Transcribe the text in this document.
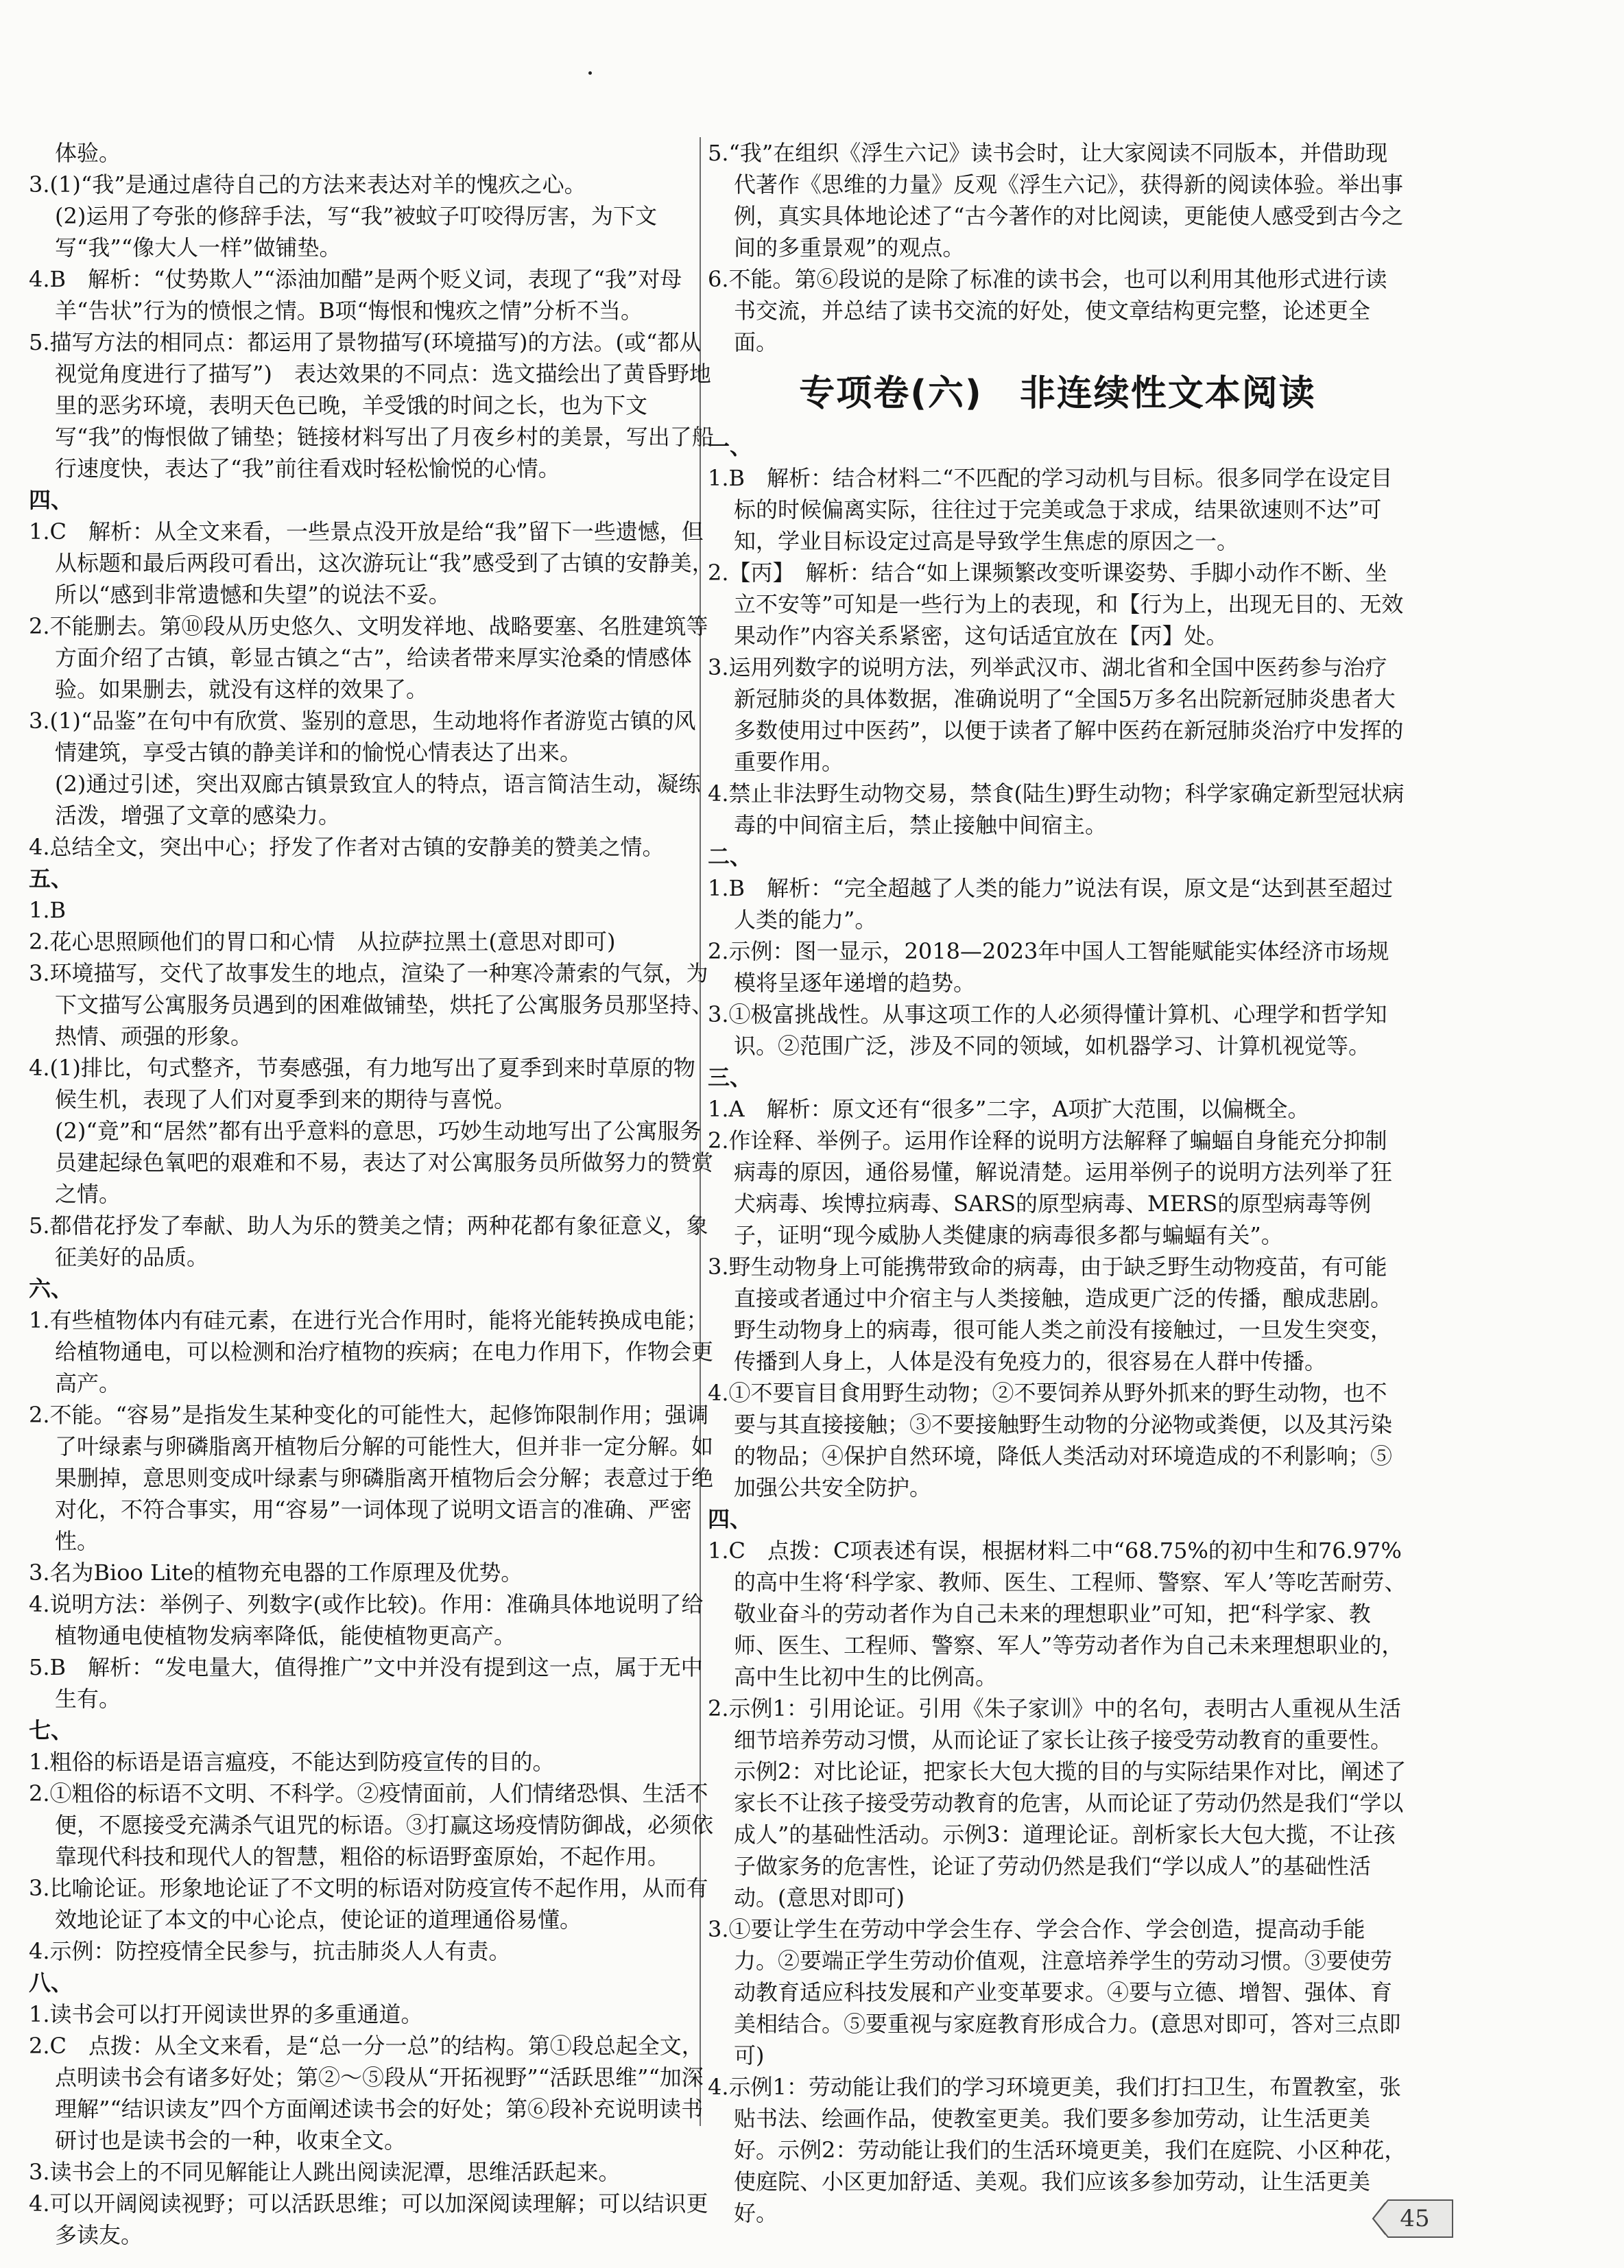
体验。
3.(1)“我”是通过虐待自己的方法来表达对羊的愧疚之心。
(2)运用了夸张的修辞手法，写“我”被蚊子叮咬得厉害，为下文写“我”“像大人一样”做铺垫。
4.B　解析：“仗势欺人”“添油加醋”是两个贬义词，表现了“我”对母羊“告状”行为的愤恨之情。B项“悔恨和愧疚之情”分析不当。
5.描写方法的相同点：都运用了景物描写(环境描写)的方法。(或“都从视觉角度进行了描写”)　表达效果的不同点：选文描绘出了黄昏野地里的恶劣环境，表明天色已晚，羊受饿的时间之长，也为下文写“我”的悔恨做了铺垫；链接材料写出了月夜乡村的美景，写出了船行速度快，表达了“我”前往看戏时轻松愉悦的心情。
四、
1.C　解析：从全文来看，一些景点没开放是给“我”留下一些遗憾，但从标题和最后两段可看出，这次游玩让“我”感受到了古镇的安静美，所以“感到非常遗憾和失望”的说法不妥。
2.不能删去。第⑩段从历史悠久、文明发祥地、战略要塞、名胜建筑等方面介绍了古镇，彰显古镇之“古”，给读者带来厚实沧桑的情感体验。如果删去，就没有这样的效果了。
3.(1)“品鉴”在句中有欣赏、鉴别的意思，生动地将作者游览古镇的风情建筑，享受古镇的静美详和的愉悦心情表达了出来。
(2)通过引述，突出双廊古镇景致宜人的特点，语言简洁生动，凝练活泼，增强了文章的感染力。
4.总结全文，突出中心；抒发了作者对古镇的安静美的赞美之情。
五、
1.B
2.花心思照顾他们的胃口和心情　从拉萨拉黑土(意思对即可)
3.环境描写，交代了故事发生的地点，渲染了一种寒冷萧索的气氛，为下文描写公寓服务员遇到的困难做铺垫，烘托了公寓服务员那坚持、热情、顽强的形象。
4.(1)排比，句式整齐，节奏感强，有力地写出了夏季到来时草原的物候生机，表现了人们对夏季到来的期待与喜悦。
(2)“竟”和“居然”都有出乎意料的意思，巧妙生动地写出了公寓服务员建起绿色氧吧的艰难和不易，表达了对公寓服务员所做努力的赞赏之情。
5.都借花抒发了奉献、助人为乐的赞美之情；两种花都有象征意义，象征美好的品质。
六、
1.有些植物体内有硅元素，在进行光合作用时，能将光能转换成电能；给植物通电，可以检测和治疗植物的疾病；在电力作用下，作物会更高产。
2.不能。“容易”是指发生某种变化的可能性大，起修饰限制作用；强调了叶绿素与卵磷脂离开植物后分解的可能性大，但并非一定分解。如果删掉，意思则变成叶绿素与卵磷脂离开植物后会分解；表意过于绝对化，不符合事实，用“容易”一词体现了说明文语言的准确、严密性。
3.名为Bioo Lite的植物充电器的工作原理及优势。
4.说明方法：举例子、列数字(或作比较)。作用：准确具体地说明了给植物通电使植物发病率降低，能使植物更高产。
5.B　解析：“发电量大，值得推广”文中并没有提到这一点，属于无中生有。
七、
1.粗俗的标语是语言瘟疫，不能达到防疫宣传的目的。
2.①粗俗的标语不文明、不科学。②疫情面前，人们情绪恐惧、生活不便，不愿接受充满杀气诅咒的标语。③打赢这场疫情防御战，必须依靠现代科技和现代人的智慧，粗俗的标语野蛮原始，不起作用。
3.比喻论证。形象地论证了不文明的标语对防疫宣传不起作用，从而有效地论证了本文的中心论点，使论证的道理通俗易懂。
4.示例：防控疫情全民参与，抗击肺炎人人有责。
八、
1.读书会可以打开阅读世界的多重通道。
2.C　点拨：从全文来看，是“总一分一总”的结构。第①段总起全文，点明读书会有诸多好处；第②～⑤段从“开拓视野”“活跃思维”“加深理解”“结识读友”四个方面阐述读书会的好处；第⑥段补充说明读书研讨也是读书会的一种，收束全文。
3.读书会上的不同见解能让人跳出阅读泥潭，思维活跃起来。
4.可以开阔阅读视野；可以活跃思维；可以加深阅读理解；可以结识更多读友。
5.“我”在组织《浮生六记》读书会时，让大家阅读不同版本，并借助现代著作《思维的力量》反观《浮生六记》，获得新的阅读体验。举出事例，真实具体地论述了“古今著作的对比阅读，更能使人感受到古今之间的多重景观”的观点。
6.不能。第⑥段说的是除了标准的读书会，也可以利用其他形式进行读书交流，并总结了读书交流的好处，使文章结构更完整，论述更全面。
专项卷(六)　非连续性文本阅读
一、
1.B　解析：结合材料二“不匹配的学习动机与目标。很多同学在设定目标的时候偏离实际，往往过于完美或急于求成，结果欲速则不达”可知，学业目标设定过高是导致学生焦虑的原因之一。
2.【丙】　解析：结合“如上课频繁改变听课姿势、手脚小动作不断、坐立不安等”可知是一些行为上的表现，和【行为上，出现无目的、无效果动作”内容关系紧密，这句话适宜放在【丙】处。
3.运用列数字的说明方法，列举武汉市、湖北省和全国中医药参与治疗新冠肺炎的具体数据，准确说明了“全国5万多名出院新冠肺炎患者大多数使用过中医药”，以便于读者了解中医药在新冠肺炎治疗中发挥的重要作用。
4.禁止非法野生动物交易，禁食(陆生)野生动物；科学家确定新型冠状病毒的中间宿主后，禁止接触中间宿主。
二、
1.B　解析：“完全超越了人类的能力”说法有误，原文是“达到甚至超过人类的能力”。
2.示例：图一显示，2018—2023年中国人工智能赋能实体经济市场规模将呈逐年递增的趋势。
3.①极富挑战性。从事这项工作的人必须得懂计算机、心理学和哲学知识。②范围广泛，涉及不同的领域，如机器学习、计算机视觉等。
三、
1.A　解析：原文还有“很多”二字，A项扩大范围，以偏概全。
2.作诠释、举例子。运用作诠释的说明方法解释了蝙蝠自身能充分抑制病毒的原因，通俗易懂，解说清楚。运用举例子的说明方法列举了狂犬病毒、埃博拉病毒、SARS的原型病毒、MERS的原型病毒等例子，证明“现今威胁人类健康的病毒很多都与蝙蝠有关”。
3.野生动物身上可能携带致命的病毒，由于缺乏野生动物疫苗，有可能直接或者通过中介宿主与人类接触，造成更广泛的传播，酿成悲剧。野生动物身上的病毒，很可能人类之前没有接触过，一旦发生突变，传播到人身上，人体是没有免疫力的，很容易在人群中传播。
4.①不要盲目食用野生动物；②不要饲养从野外抓来的野生动物，也不要与其直接接触；③不要接触野生动物的分泌物或粪便，以及其污染的物品；④保护自然环境，降低人类活动对环境造成的不利影响；⑤加强公共安全防护。
四、
1.C　点拨：C项表述有误，根据材料二中“68.75%的初中生和76.97%的高中生将‘科学家、教师、医生、工程师、警察、军人’等吃苦耐劳、敬业奋斗的劳动者作为自己未来的理想职业”可知，把“科学家、教师、医生、工程师、警察、军人”等劳动者作为自己未来理想职业的，高中生比初中生的比例高。
2.示例1：引用论证。引用《朱子家训》中的名句，表明古人重视从生活细节培养劳动习惯，从而论证了家长让孩子接受劳动教育的重要性。示例2：对比论证，把家长大包大揽的目的与实际结果作对比，阐述了家长不让孩子接受劳动教育的危害，从而论证了劳动仍然是我们“学以成人”的基础性活动。示例3：道理论证。剖析家长大包大揽，不让孩子做家务的危害性，论证了劳动仍然是我们“学以成人”的基础性活动。(意思对即可)
3.①要让学生在劳动中学会生存、学会合作、学会创造，提高动手能力。②要端正学生劳动价值观，注意培养学生的劳动习惯。③要使劳动教育适应科技发展和产业变革要求。④要与立德、增智、强体、育美相结合。⑤要重视与家庭教育形成合力。(意思对即可，答对三点即可)
4.示例1：劳动能让我们的学习环境更美，我们打扫卫生，布置教室，张贴书法、绘画作品，使教室更美。我们要多参加劳动，让生活更美好。示例2：劳动能让我们的生活环境更美，我们在庭院、小区种花，使庭院、小区更加舒适、美观。我们应该多参加劳动，让生活更美好。	45
